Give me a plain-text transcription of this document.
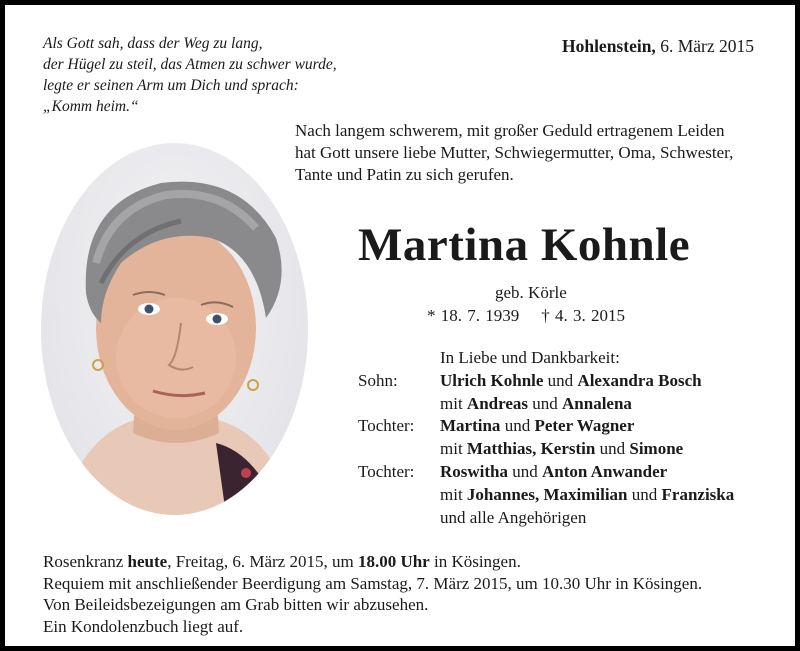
Als Gott sah, dass der Weg zu lang,
der Hügel zu steil, das Atmen zu schwer wurde,
legte er seinen Arm um Dich und sprach:
„Komm heim.“
Hohlenstein, 6. März 2015
Nach langem schwerem, mit großer Geduld ertragenem Leiden
hat Gott unsere liebe Mutter, Schwiegermutter, Oma, Schwester,
Tante und Patin zu sich gerufen.
Martina Kohnle
geb. Körle
* 18. 7. 1939 † 4. 3. 2015
In Liebe und Dankbarkeit:
Sohn:	Ulrich Kohnle und Alexandra Bosch
mit Andreas und Annalena
Tochter:	Martina und Peter Wagner
mit Matthias, Kerstin und Simone
Tochter:	Roswitha und Anton Anwander
mit Johannes, Maximilian und Franziska
und alle Angehörigen
Rosenkranz heute, Freitag, 6. März 2015, um 18.00 Uhr in Kösingen.
Requiem mit anschließender Beerdigung am Samstag, 7. März 2015, um 10.30 Uhr in Kösingen.
Von Beileidsbezeigungen am Grab bitten wir abzusehen.
Ein Kondolenzbuch liegt auf.
